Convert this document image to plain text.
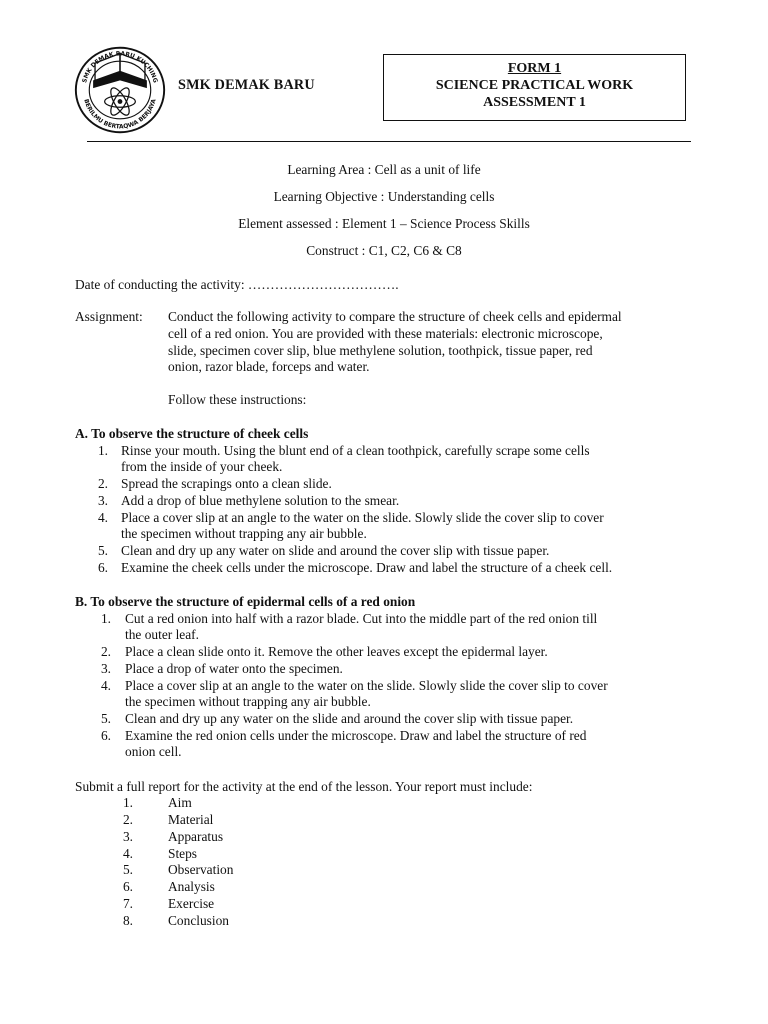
SMK DEMAK BARU KUCHING
BERILMU BERTAQWA BERJAYA
SMK DEMAK BARU
FORM 1
SCIENCE PRACTICAL WORK
ASSESSMENT 1
Learning Area : Cell as a unit of life
Learning Objective : Understanding cells
Element assessed : Element 1 – Science Process Skills
Construct : C1, C2, C6 & C8
Date of conducting the activity: …………………………….
Assignment: Conduct the following activity to compare the structure of cheek cells and epidermal
cell of a red onion. You are provided with these materials: electronic microscope,
slide, specimen cover slip, blue methylene solution, toothpick, tissue paper, red
onion, razor blade, forceps and water.
Follow these instructions:
A. To observe the structure of cheek cells
1. Rinse your mouth. Using the blunt end of a clean toothpick, carefully scrape some cells
from the inside of your cheek.
2. Spread the scrapings onto a clean slide.
3. Add a drop of blue methylene solution to the smear.
4. Place a cover slip at an angle to the water on the slide. Slowly slide the cover slip to cover
the specimen without trapping any air bubble.
5. Clean and dry up any water on slide and around the cover slip with tissue paper.
6. Examine the cheek cells under the microscope. Draw and label the structure of a cheek cell.
B. To observe the structure of epidermal cells of a red onion
1. Cut a red onion into half with a razor blade. Cut into the middle part of the red onion till
the outer leaf.
2. Place a clean slide onto it. Remove the other leaves except the epidermal layer.
3. Place a drop of water onto the specimen.
4. Place a cover slip at an angle to the water on the slide. Slowly slide the cover slip to cover
the specimen without trapping any air bubble.
5. Clean and dry up any water on the slide and around the cover slip with tissue paper.
6. Examine the red onion cells under the microscope. Draw and label the structure of red
onion cell.
Submit a full report for the activity at the end of the lesson. Your report must include:
1.	Aim
2.	Material
3.	Apparatus
4.	Steps
5.	Observation
6.	Analysis
7.	Exercise
8.	Conclusion
